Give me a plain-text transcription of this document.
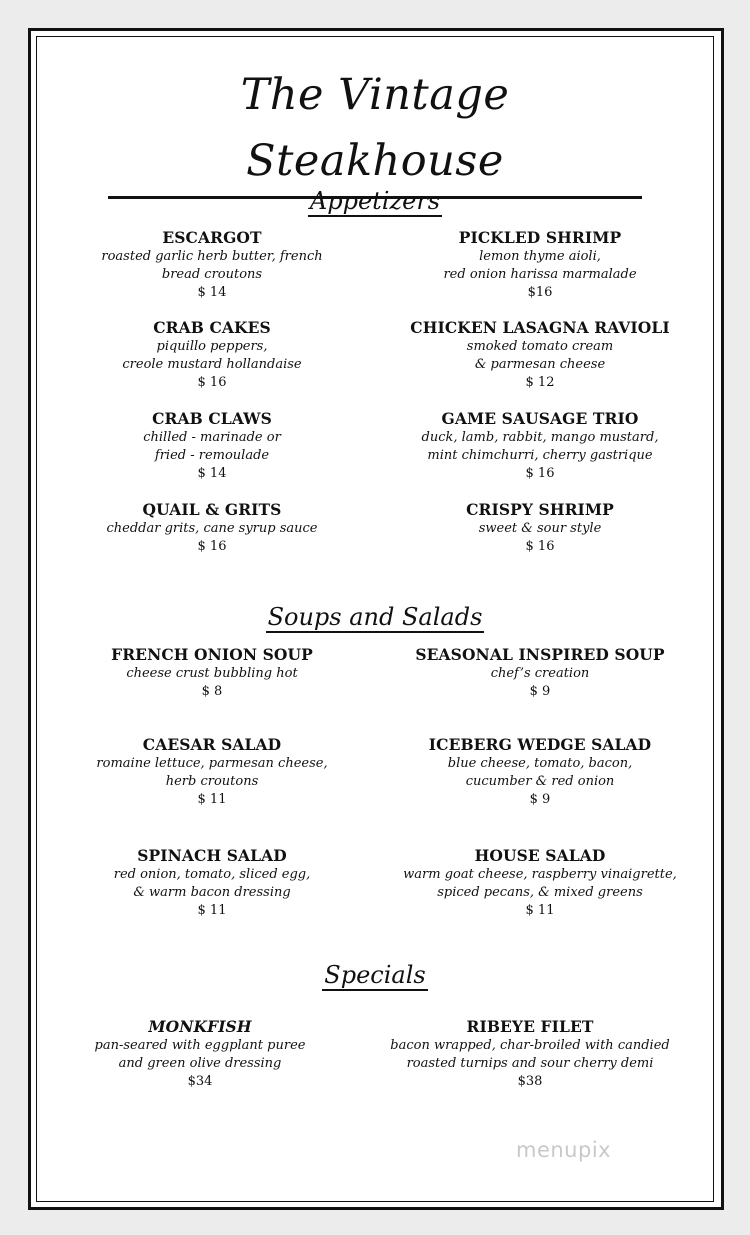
The Vintage Steakhouse
Appetizers
ESCARGOT
roasted garlic herb butter, french
bread croutons
$ 14
PICKLED SHRIMP
lemon thyme aioli,
red onion harissa marmalade
$16
CRAB CAKES
piquillo peppers,
creole mustard hollandaise
$ 16
CHICKEN LASAGNA RAVIOLI
smoked tomato cream
& parmesan cheese
$ 12
CRAB CLAWS
chilled - marinade or
fried - remoulade
$ 14
GAME SAUSAGE TRIO
duck, lamb, rabbit, mango mustard,
mint chimchurri, cherry gastrique
$ 16
QUAIL & GRITS
cheddar grits, cane syrup sauce
$ 16
CRISPY SHRIMP
sweet & sour style
$ 16
Soups and Salads
FRENCH ONION SOUP
cheese crust bubbling hot
$ 8
SEASONAL INSPIRED SOUP
chef’s creation
$ 9
CAESAR SALAD
romaine lettuce, parmesan cheese,
herb croutons
$ 11
ICEBERG WEDGE SALAD
blue cheese, tomato, bacon,
cucumber & red onion
$ 9
SPINACH SALAD
red onion, tomato, sliced egg,
& warm bacon dressing
$ 11
HOUSE SALAD
warm goat cheese, raspberry vinaigrette,
spiced pecans, & mixed greens
$ 11
Specials
MONKFISH
pan-seared with eggplant puree
and green olive dressing
$34
RIBEYE FILET
bacon wrapped, char-broiled with candied
roasted turnips and sour cherry demi
$38
menupix
